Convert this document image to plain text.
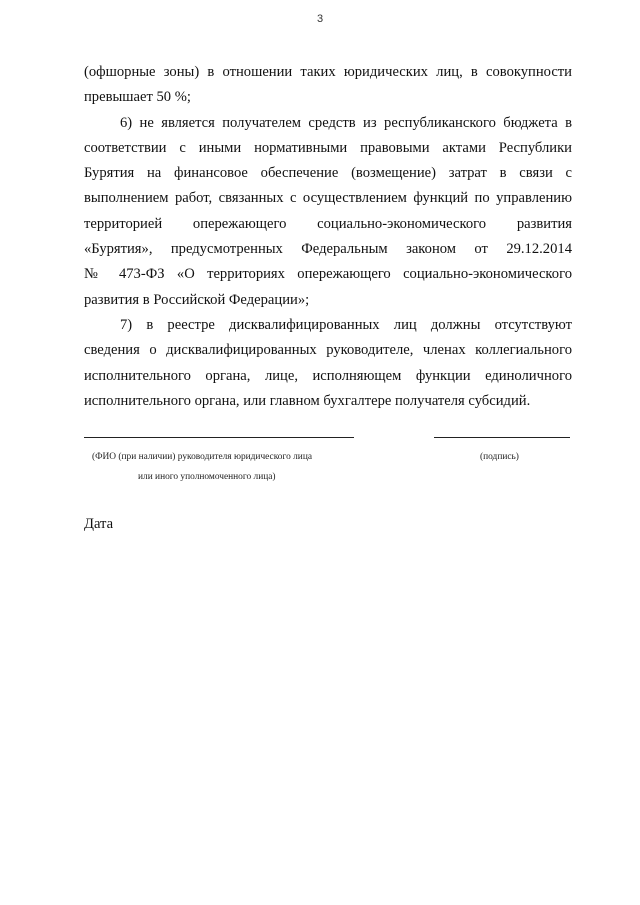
3
(офшорные зоны) в отношении таких юридических лиц, в совокупности
превышает 50 %;
6) не является получателем средств из республиканского бюджета в
соответствии с иными нормативными правовыми актами Республики
Бурятия на финансовое обеспечение (возмещение) затрат в связи с
выполнением работ, связанных с осуществлением функций по управлению
территорией опережающего социально-экономического развития
«Бурятия», предусмотренных Федеральным законом от 29.12.2014
№ 473-ФЗ «О территориях опережающего социально-экономического
развития в Российской Федерации»;
7) в реестре дисквалифицированных лиц должны отсутствуют
сведения о дисквалифицированных руководителе, членах коллегиального
исполнительного органа, лице, исполняющем функции единоличного
исполнительного органа, или главном бухгалтере получателя субсидий.
(ФИО (при наличии) руководителя юридического лица
или иного уполномоченного лица)
(подпись)
Дата
